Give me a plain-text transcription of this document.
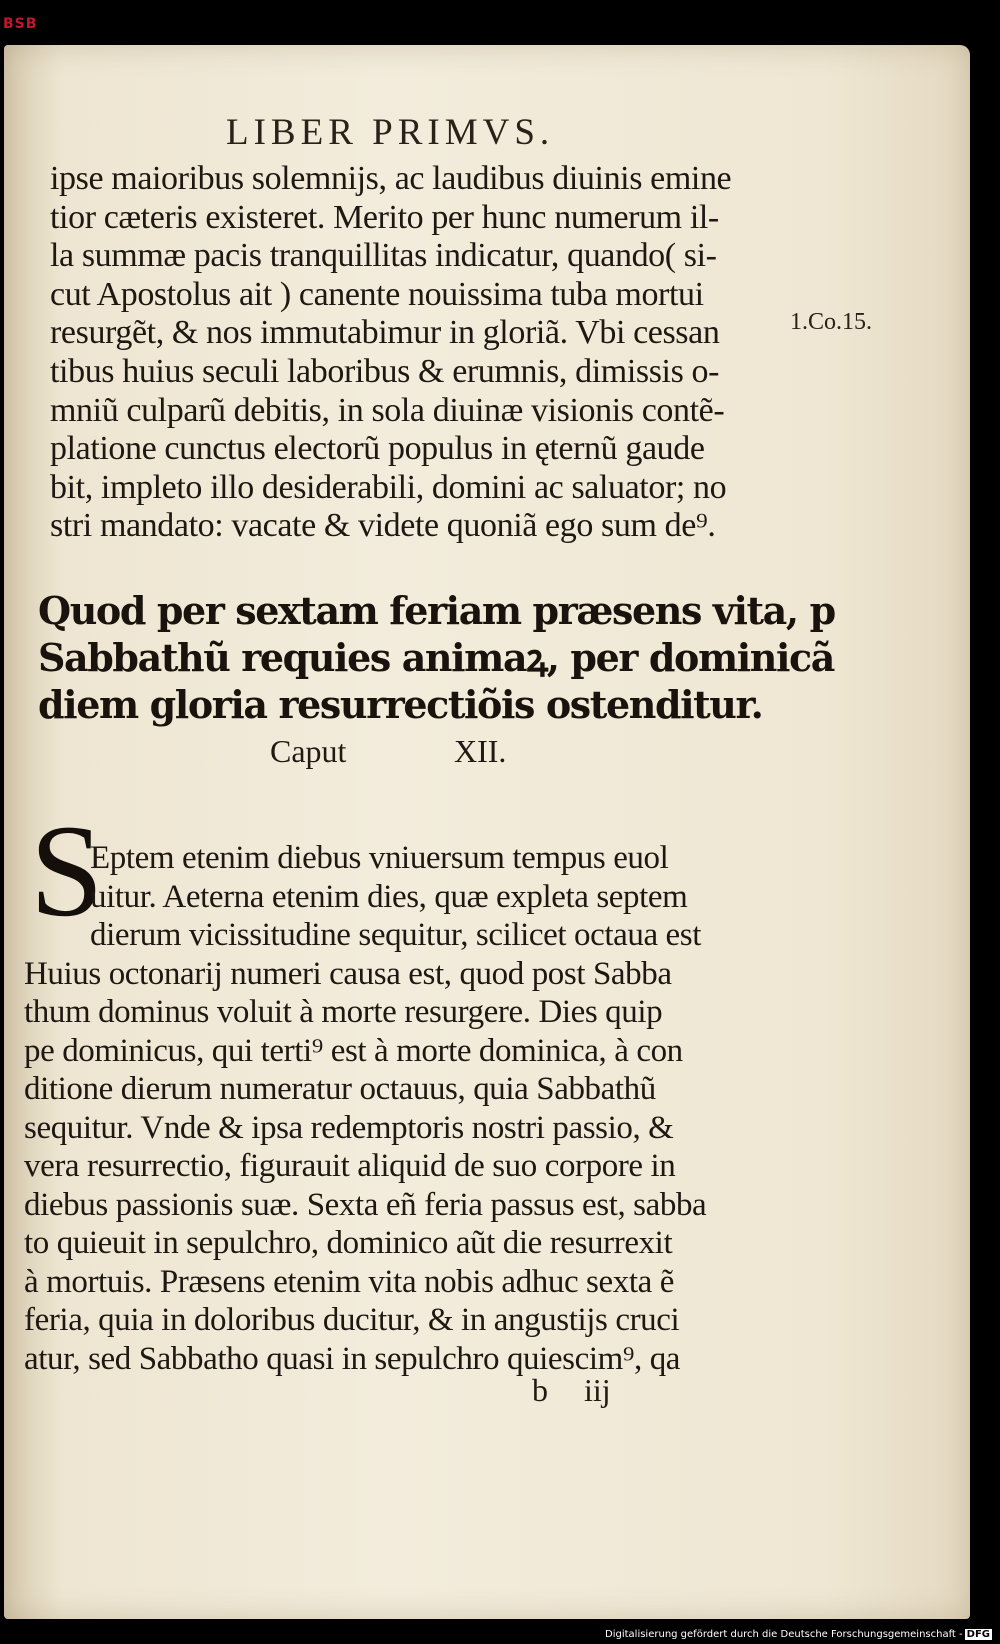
BSB
LIBER PRIMVS.
ipse maioribus solemnijs, ac laudibus diuinis emine
tior cæteris existeret. Merito per hunc numerum il-
la summæ pacis tranquillitas indicatur, quando( si-
cut Apostolus ait ) canente nouissima tuba mortui
resurgẽt, & nos immutabimur in gloriã. Vbi cessan
tibus huius seculi laboribus & erumnis, dimissis o-
mniũ culparũ debitis, in sola diuinæ visionis contẽ-
platione cunctus electorũ populus in ęternũ gaude
bit, impleto illo desiderabili, domini ac saluator; no
stri mandato: vacate & videte quoniã ego sum de⁹.
1.Co.15.
Quod per sextam feriam præsens vita, p
Sabbathũ requies animaꝝ, per dominicã
diem gloria resurrectiõis ostenditur.
Caput	XII.
S
Eptem etenim diebus vniuersum tempus euol
uitur. Aeterna etenim dies, quæ expleta septem
dierum vicissitudine sequitur, scilicet octaua est
Huius octonarij numeri causa est, quod post Sabba
thum dominus voluit à morte resurgere. Dies quip
pe dominicus, qui terti⁹ est à morte dominica, à con
ditione dierum numeratur octauus, quia Sabbathũ
sequitur. Vnde & ipsa redemptoris nostri passio, &
vera resurrectio, figurauit aliquid de suo corpore in
diebus passionis suæ. Sexta eñ feria passus est, sabba
to quieuit in sepulchro, dominico aũt die resurrexit
à mortuis. Præsens etenim vita nobis adhuc sexta ẽ
feria, quia in doloribus ducitur, & in angustijs cruci
atur, sed Sabbatho quasi in sepulchro quiescim⁹, qa
b iij
Digitalisierung gefördert durch die Deutsche Forschungsgemeinschaft - DFG
